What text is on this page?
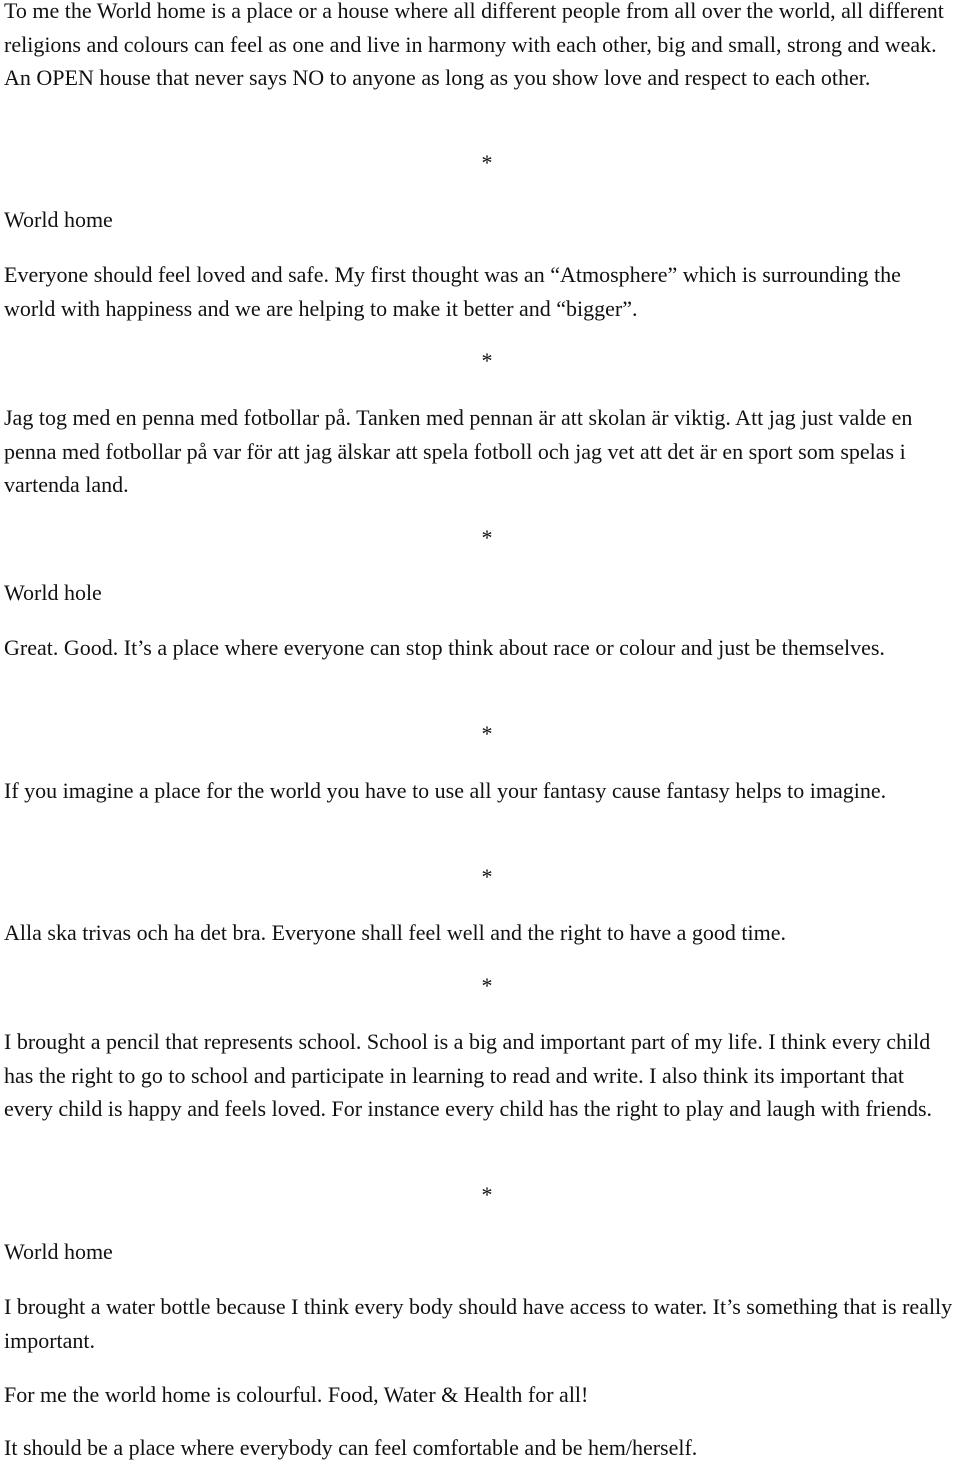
To me the World home is a place or a house where all different people from all over the world, all different religions and colours can feel as one and live in harmony with each other, big and small, strong and weak. An OPEN house that never says NO to anyone as long as you show love and respect to each other.

*

World home

Everyone should feel loved and safe. My first thought was an “Atmosphere” which is surrounding the world with happiness and we are helping to make it better and “bigger”.

*

Jag tog med en penna med fotbollar på. Tanken med pennan är att skolan är viktig. Att jag just valde en penna med fotbollar på var för att jag älskar att spela fotboll och jag vet att det är en sport som spelas i vartenda land.

*

World hole

Great. Good. It’s a place where everyone can stop think about race or colour and just be themselves.

*

If you imagine a place for the world you have to use all your fantasy cause fantasy helps to imagine.

*

Alla ska trivas och ha det bra. Everyone shall feel well and the right to have a good time.

*

I brought a pencil that represents school. School is a big and important part of my life. I think every child has the right to go to school and participate in learning to read and write. I also think its important that every child is happy and feels loved. For instance every child has the right to play and laugh with friends.

*

World home

I brought a water bottle because I think every body should have access to water. It’s something that is really important.

For me the world home is colourful. Food, Water & Health for all!

It should be a place where everybody can feel comfortable and be hem/herself.
